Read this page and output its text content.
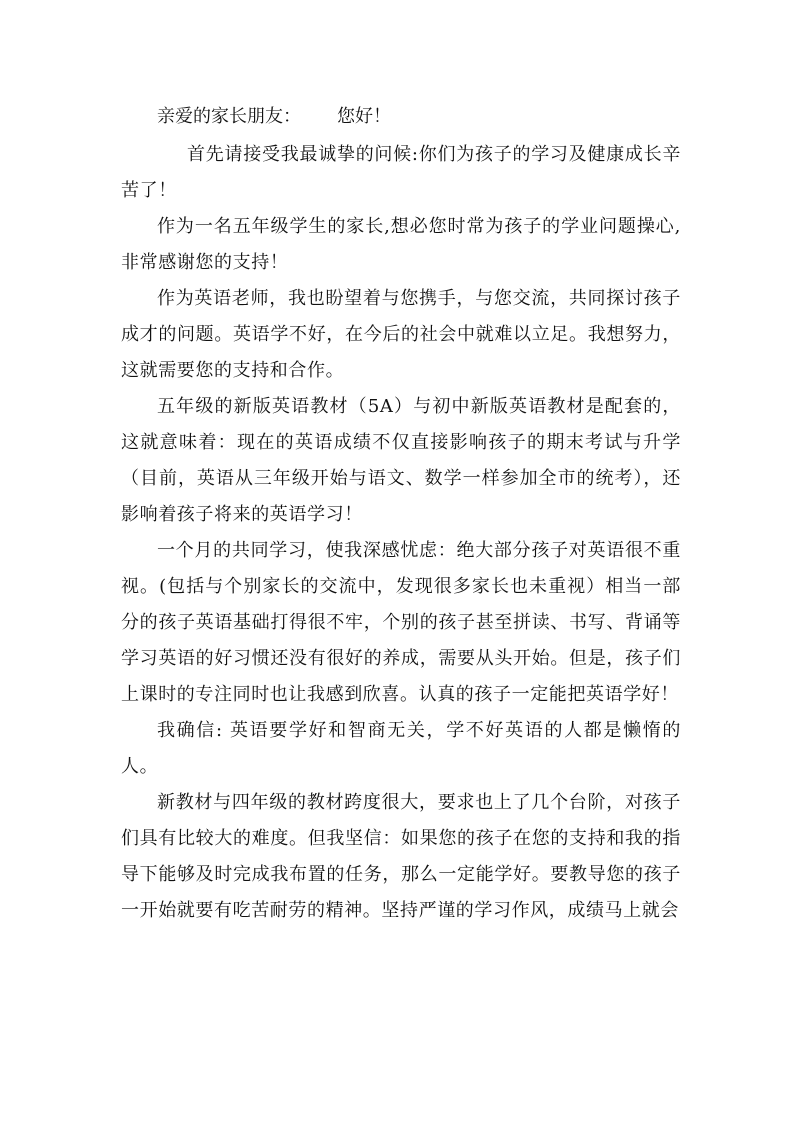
亲爱的家长朋友： 您好！

首先请接受我最诚挚的问候:你们为孩子的学习及健康成长辛苦了！

作为一名五年级学生的家长,想必您时常为孩子的学业问题操心,非常感谢您的支持！

作为英语老师，我也盼望着与您携手，与您交流，共同探讨孩子成才的问题。英语学不好，在今后的社会中就难以立足。我想努力，这就需要您的支持和合作。

五年级的新版英语教材（5A）与初中新版英语教材是配套的，这就意味着：现在的英语成绩不仅直接影响孩子的期末考试与升学（目前，英语从三年级开始与语文、数学一样参加全市的统考），还影响着孩子将来的英语学习！

一个月的共同学习，使我深感忧虑：绝大部分孩子对英语很不重视。(包括与个别家长的交流中，发现很多家长也未重视）相当一部分的孩子英语基础打得很不牢，个别的孩子甚至拼读、书写、背诵等学习英语的好习惯还没有很好的养成，需要从头开始。但是，孩子们上课时的专注同时也让我感到欣喜。认真的孩子一定能把英语学好！

我确信: 英语要学好和智商无关，学不好英语的人都是懒惰的人。

新教材与四年级的教材跨度很大，要求也上了几个台阶，对孩子们具有比较大的难度。但我坚信：如果您的孩子在您的支持和我的指导下能够及时完成我布置的任务，那么一定能学好。要教导您的孩子一开始就要有吃苦耐劳的精神。坚持严谨的学习作风，成绩马上就会
